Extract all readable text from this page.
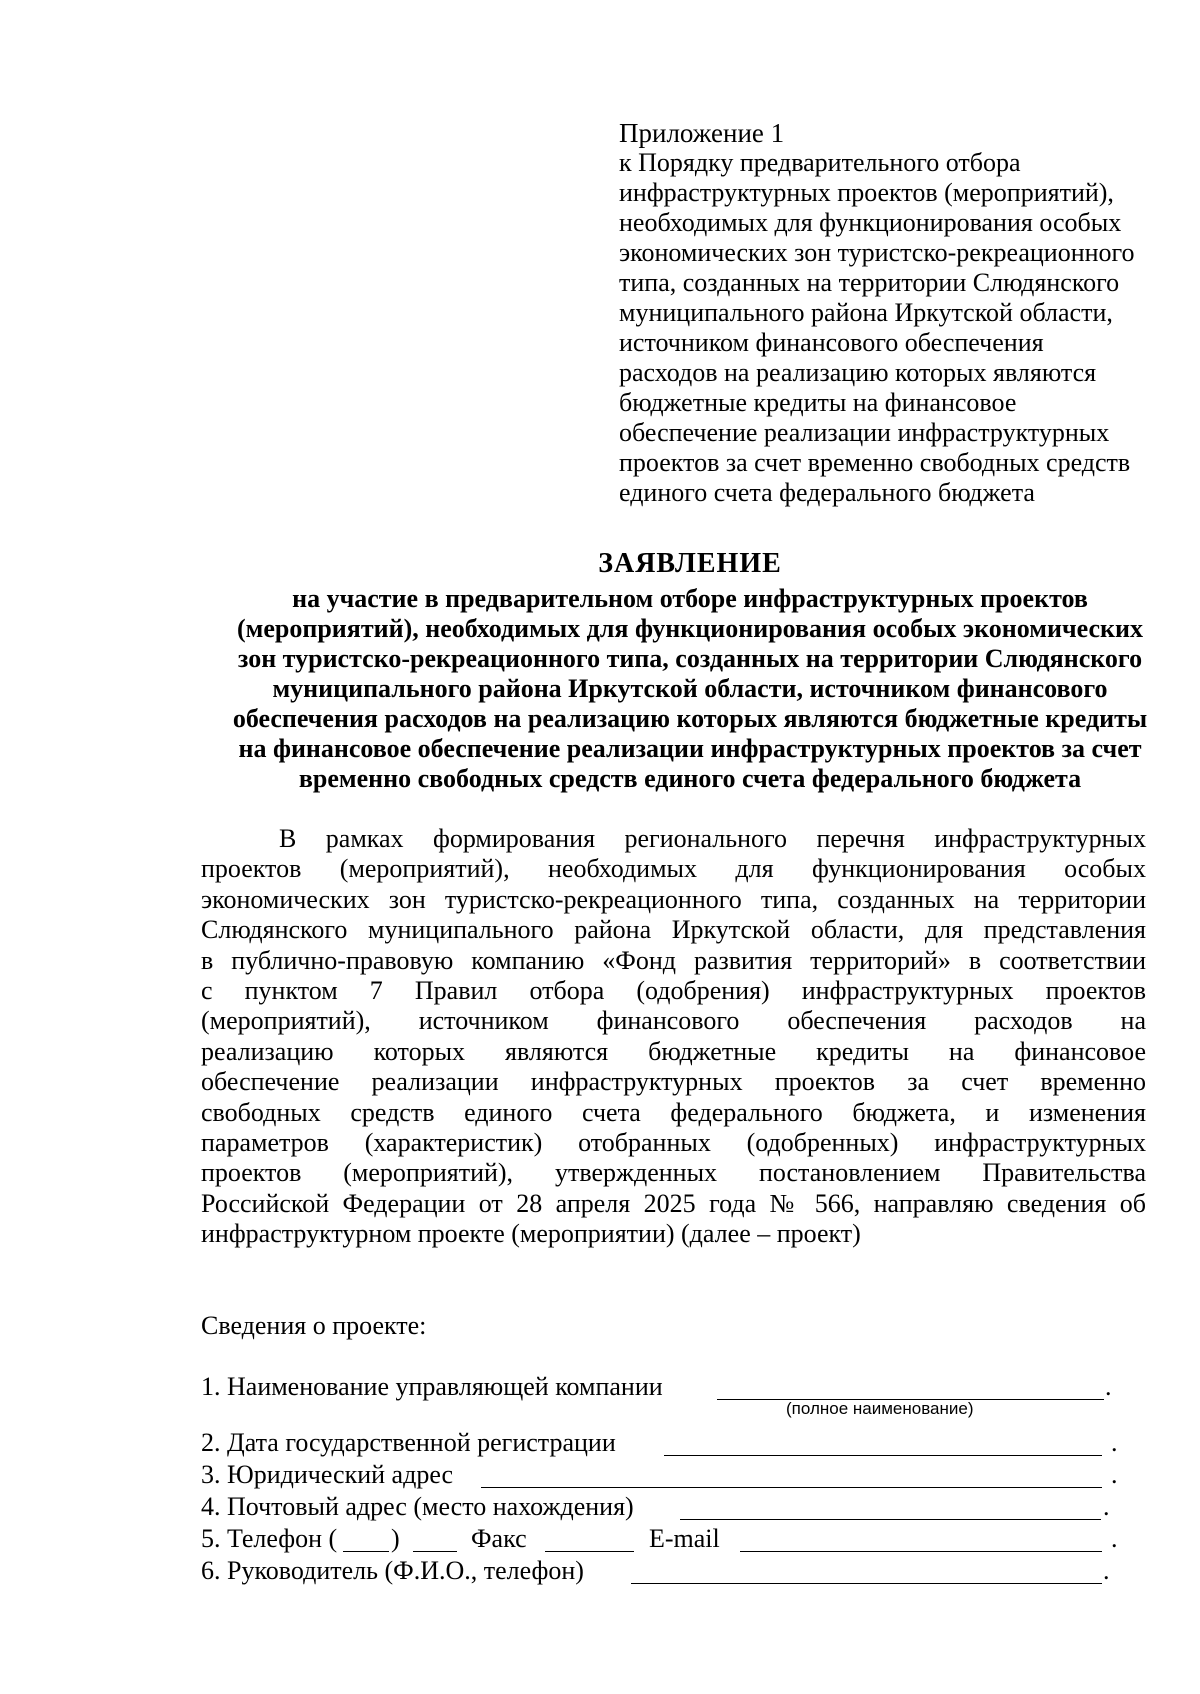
Приложение 1
к Порядку предварительного отбора
инфраструктурных проектов (мероприятий),
необходимых для функционирования особых
экономических зон туристско-рекреационного
типа, созданных на территории Слюдянского
муниципального района Иркутской области,
источником финансового обеспечения
расходов на реализацию которых являются
бюджетные кредиты на финансовое
обеспечение реализации инфраструктурных
проектов за счет временно свободных средств
единого счета федерального бюджета
ЗАЯВЛЕНИЕ
на участие в предварительном отборе инфраструктурных проектов
(мероприятий), необходимых для функционирования особых экономических
зон туристско-рекреационного типа, созданных на территории Слюдянского
муниципального района Иркутской области, источником финансового
обеспечения расходов на реализацию которых являются бюджетные кредиты
на финансовое обеспечение реализации инфраструктурных проектов за счет
временно свободных средств единого счета федерального бюджета
В рамках формирования регионального перечня инфраструктурных
проектов (мероприятий), необходимых для функционирования особых
экономических зон туристско-рекреационного типа, созданных на территории
Слюдянского муниципального района Иркутской области, для представления
в публично-правовую компанию «Фонд развития территорий» в соответствии
с пунктом 7 Правил отбора (одобрения) инфраструктурных проектов
(мероприятий), источником финансового обеспечения расходов на
реализацию которых являются бюджетные кредиты на финансовое
обеспечение реализации инфраструктурных проектов за счет временно
свободных средств единого счета федерального бюджета, и изменения
параметров (характеристик) отобранных (одобренных) инфраструктурных
проектов (мероприятий), утвержденных постановлением Правительства
Российской Федерации от 28 апреля 2025 года № 566, направляю сведения об
инфраструктурном проекте (мероприятии) (далее – проект)
Сведения о проекте:
1. Наименование управляющей компании	.
(полное наименование)
2. Дата государственной регистрации	.
3. Юридический адрес	.
4. Почтовый адрес (место нахождения)	.
5. Телефон ( )	Факс	E-mail	.
6. Руководитель (Ф.И.О., телефон)	.
